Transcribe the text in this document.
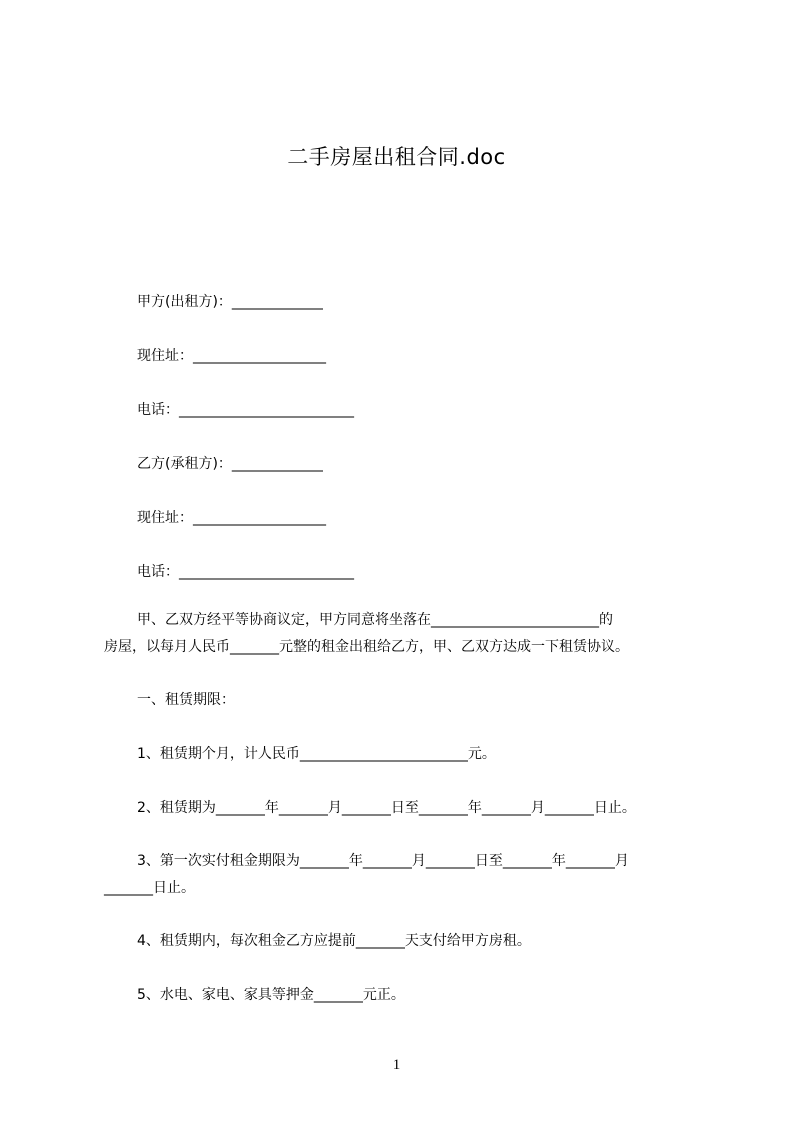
二手房屋出租合同.doc
甲方(出租方)：_____________
现住址：___________________
电话：_________________________
乙方(承租方)：_____________
现住址：___________________
电话：_________________________
甲、乙双方经平等协商议定，甲方同意将坐落在________________________的
房屋，以每月人民币_______元整的租金出租给乙方，甲、乙双方达成一下租赁协议。
一、租赁期限：
1、租赁期个月，计人民币________________________元。
2、租赁期为_______年_______月_______日至_______年_______月_______日止。
3、第一次实付租金期限为_______年_______月_______日至_______年_______月
_______日止。
4、租赁期内，每次租金乙方应提前_______天支付给甲方房租。
5、水电、家电、家具等押金_______元正。
1
